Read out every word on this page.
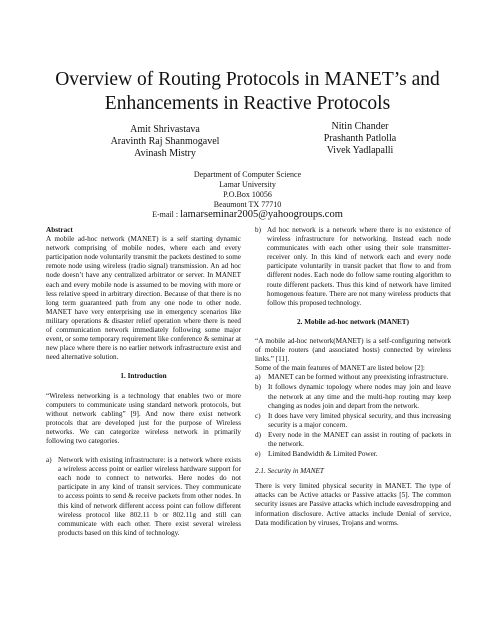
Overview of Routing Protocols in MANET’s and
Enhancements in Reactive Protocols
Amit Shrivastava
Aravinth Raj Shanmogavel
Avinash Mistry
Nitin Chander
Prashanth Patlolla
Vivek Yadlapalli
Department of Computer Science
Lamar University
P.O.Box 10056
Beaumont TX 77710
E-mail : lamarseminar2005@yahoogroups.com
Abstract

A mobile ad-hoc network (MANET) is a self starting dynamic network comprising of mobile nodes, where each and every participation node voluntarily transmit the packets destined to some remote node using wireless (radio signal) transmission. An ad hoc node doesn’t have any centralized arbitrator or server. In MANET each and every mobile node is assumed to be moving with more or less relative speed in arbitrary direction. Because of that there is no long term guaranteed path from any one node to other node. MANET have very enterprising use in emergency scenarios like military operations & disaster relief operation where there is need of communication network immediately following some major event, or some temporary requirement like conference & seminar at new place where there is no earlier network infrastructure exist and need alternative solution.

1. Introduction

“Wireless networking is a technology that enables two or more computers to communicate using standard network protocols, but without network cabling” [9]. And now there exist network protocols that are developed just for the purpose of Wireless networks. We can categorize wireless network in primarily following two categories.

a) Network with existing infrastructure: is a network where exists a wireless access point or earlier wireless hardware support for each node to connect to networks. Here nodes do not participate in any kind of transit services. They communicate to access points to send & receive packets from other nodes. In this kind of network different access point can follow different wireless protocol like 802.11 b or 802.11g and still can communicate with each other. There exist several wireless products based on this kind of technology.
b) Ad hoc network is a network where there is no existence of wireless infrastructure for networking. Instead each node communicates with each other using their sole transmitter-receiver only. In this kind of network each and every node participate voluntarily in transit packet that flow to and from different nodes. Each node do follow same routing algorithm to route different packets. Thus this kind of network have limited homogenous feature. There are not many wireless products that follow this proposed technology.
2. Mobile ad-hoc network (MANET)

“A mobile ad-hoc network(MANET) is a self-configuring network of mobile routers (and associated hosts) connected by wireless links.” [11].

Some of the main features of MANET are listed below [2]:
a)	MANET can be formed without any preexisting infrastructure.
b) It follows dynamic topology where nodes may join and leave the network at any time and the multi-hop routing may keep changing as nodes join and depart from the network.
c)	It does have very limited physical security, and thus increasing security is a major concern.
d) Every node in the MANET can assist in routing of packets in the network.
e)	Limited Bandwidth & Limited Power.
2.1. Security in MANET

There is very limited physical security in MANET. The type of attacks can be Active attacks or Passive attacks [5]. The common security issues are Passive attacks which include eavesdropping and information disclosure. Active attacks include Denial of service, Data modification by viruses, Trojans and worms.
